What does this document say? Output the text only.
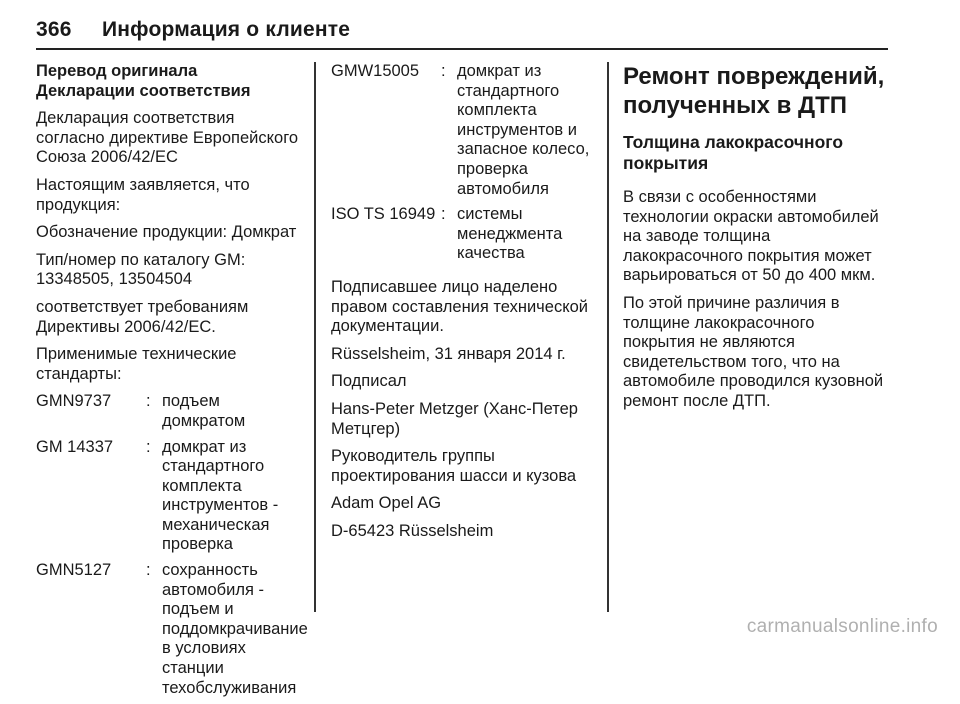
366 Информация о клиенте

Перевод оригинала Декларации соответствия

Декларация соответствия согласно директиве Европейского Союза 2006/42/EC

Настоящим заявляется, что продукция:

Обозначение продукции: Домкрат

Тип/номер по каталогу GM: 13348505, 13504504

соответствует требованиям Директивы 2006/42/EC.

Применимые технические стандарты:

GMN9737	: подъем домкратом
GM 14337	: домкрат из стандартного комплекта инструментов - механическая проверка
GMN5127	: сохранность автомобиля - подъем и поддомкрачивание в условиях станции техобслуживания
GMW15005	: домкрат из стандартного комплекта инструментов и запасное колесо, проверка автомобиля
ISO TS 16949 : системы менеджмента качества

Подписавшее лицо наделено правом составления технической документации.

Rüsselsheim, 31 января 2014 г.

Подписал

Hans-Peter Metzger (Ханс-Петер Метцгер)

Руководитель группы проектирования шасси и кузова

Adam Opel AG

D-65423 Rüsselsheim

Ремонт повреждений, полученных в ДТП
Толщина лакокрасочного покрытия

В связи с особенностями технологии окраски автомобилей на заводе толщина лакокрасочного покрытия может варьироваться от 50 до 400 мкм.

По этой причине различия в толщине лакокрасочного покрытия не являются свидетельством того, что на автомобиле проводился кузовной ремонт после ДТП.

carmanualsonline.info
